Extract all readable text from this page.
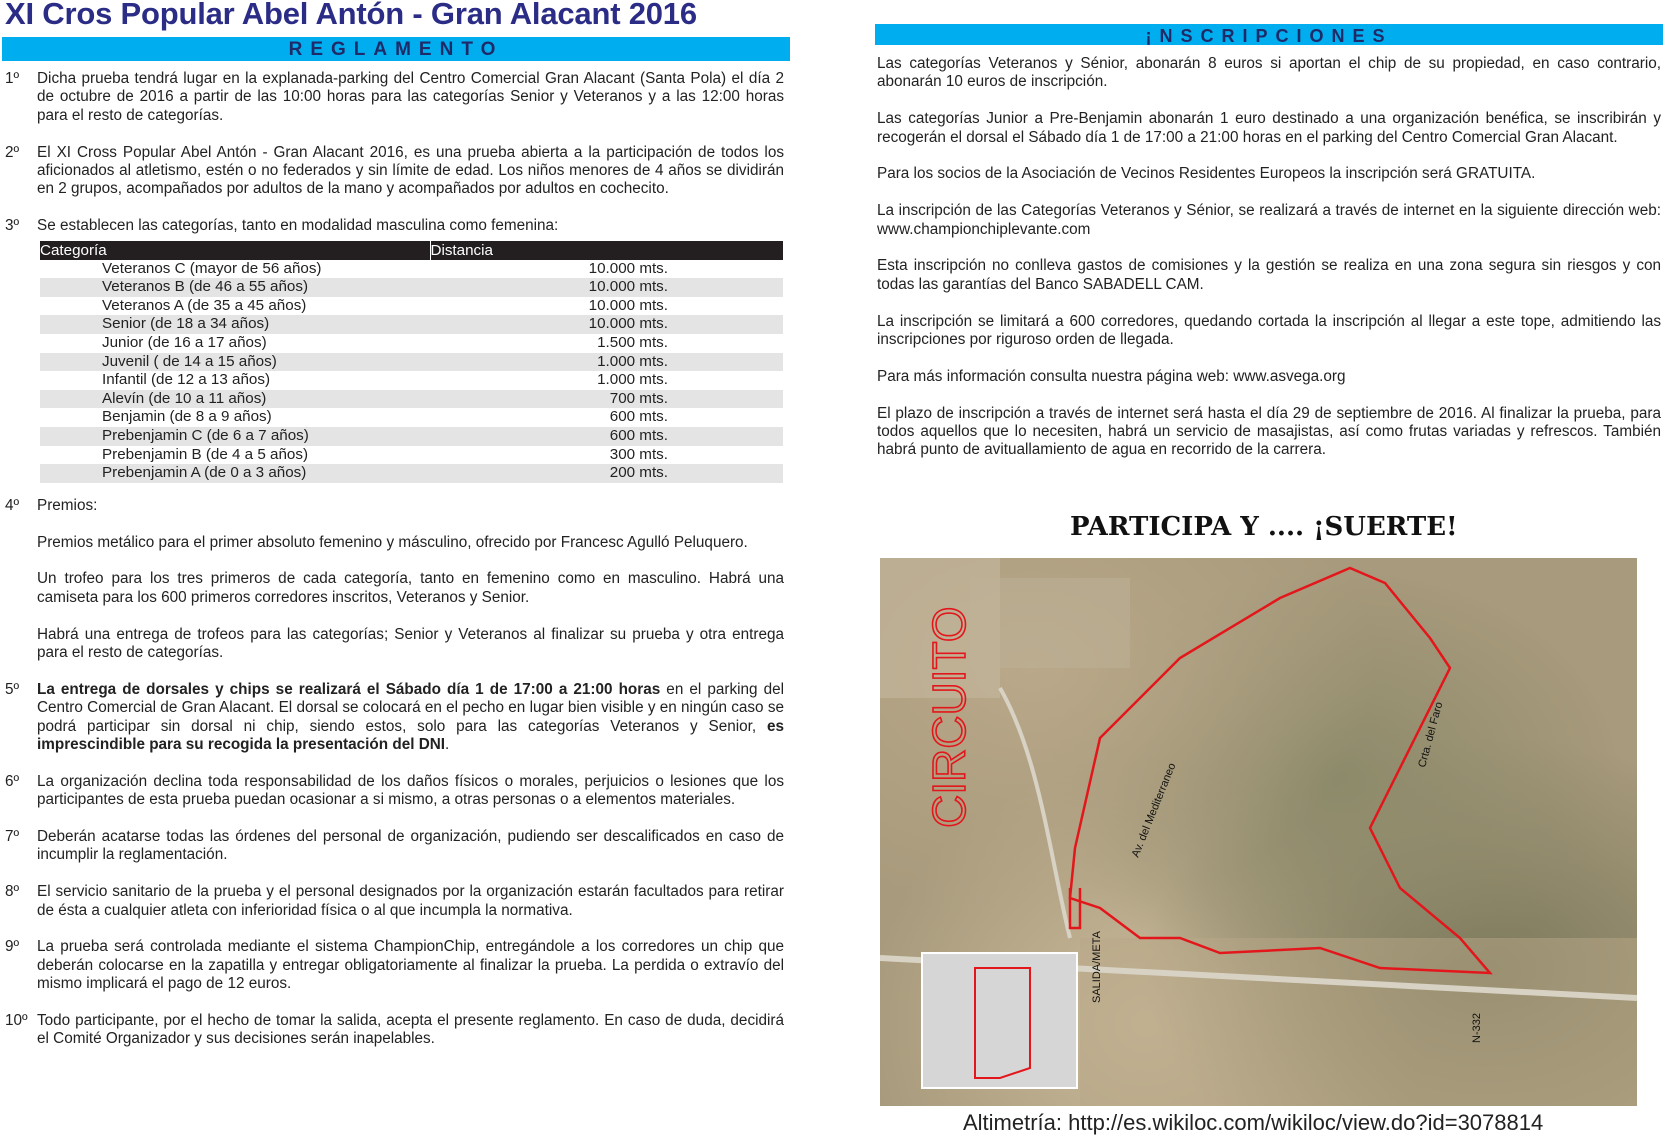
XI Cros Popular Abel Antón - Gran Alacant 2016
REGLAMENTO
1º	Dicha prueba tendrá lugar en la explanada-parking del Centro Comercial Gran Alacant (Santa Pola) el día 2 de octubre de 2016 a partir de las 10:00 horas para las categorías Senior y Veteranos y a las 12:00 horas para el resto de categorías.
2º	El XI Cross Popular Abel Antón - Gran Alacant 2016, es una prueba abierta a la participación de todos los aficionados al atletismo, estén o no federados y sin límite de edad. Los niños menores de 4 años se dividirán en 2 grupos, acompañados por adultos de la mano y acompañados por adultos en cochecito.
3º	Se establecen las categorías, tanto en modalidad masculina como femenina:
Categoría	Distancia
Veteranos C (mayor de 56 años)	10.000 mts.
Veteranos B (de 46 a 55 años)	10.000 mts.
Veteranos A (de 35 a 45 años)	10.000 mts.
Senior (de 18 a 34 años)	10.000 mts.
Junior (de 16 a 17 años)	1.500 mts.
Juvenil ( de 14 a 15 años)	1.000 mts.
Infantil (de 12 a 13 años)	1.000 mts.
Alevín (de 10 a 11 años)	700 mts.
Benjamin (de 8 a 9 años)	600 mts.
Prebenjamin C (de 6 a 7 años)	600 mts.
Prebenjamin B (de 4 a 5 años)	300 mts.
Prebenjamin A (de 0 a 3 años)	200 mts.
4º	Premios:

Premios metálico para el primer absoluto femenino y másculino, ofrecido por Francesc Agulló Peluquero.

Un trofeo para los tres primeros de cada categoría, tanto en femenino como en masculino. Habrá una camiseta para los 600 primeros corredores inscritos, Veteranos y Senior.

Habrá una entrega de trofeos para las categorías; Senior y Veteranos al finalizar su prueba y otra entrega para el resto de categorías.

5º	La entrega de dorsales y chips se realizará el Sábado día 1 de 17:00 a 21:00 horas en el parking del Centro Comercial de Gran Alacant. El dorsal se colocará en el pecho en lugar bien visible y en ningún caso se podrá participar sin dorsal ni chip, siendo estos, solo para las categorías Veteranos y Senior, es imprescindible para su recogida la presentación del DNI.
6º	La organización declina toda responsabilidad de los daños físicos o morales, perjuicios o lesiones que los participantes de esta prueba puedan ocasionar a si mismo, a otras personas o a elementos materiales.
7º	Deberán acatarse todas las órdenes del personal de organización, pudiendo ser descalificados en caso de incumplir la reglamentación.
8º	El servicio sanitario de la prueba y el personal designados por la organización estarán facultados para retirar de ésta a cualquier atleta con inferioridad física o al que incumpla la normativa.
9º	La prueba será controlada mediante el sistema ChampionChip, entregándole a los corredores un chip que deberán colocarse en la zapatilla y entregar obligatoriamente al finalizar la prueba. La perdida o extravío del mismo implicará el pago de 12 euros.
10º Todo participante, por el hecho de tomar la salida, acepta el presente reglamento. En caso de duda, decidirá el Comité Organizador y sus decisiones serán inapelables.
¡NSCRIPCIONES

Las categorías Veteranos y Sénior, abonarán 8 euros si aportan el chip de su propiedad, en caso contrario, abonarán 10 euros de inscripción.

Las categorías Junior a Pre-Benjamin abonarán 1 euro destinado a una organización benéfica, se inscribirán y recogerán el dorsal el Sábado día 1 de 17:00 a 21:00 horas en el parking del Centro Comercial Gran Alacant.

Para los socios de la Asociación de Vecinos Residentes Europeos la inscripción será GRATUITA.

La inscripción de las Categorías Veteranos y Sénior, se realizará a través de internet en la siguiente dirección web: www.championchiplevante.com

Esta inscripción no conlleva gastos de comisiones y la gestión se realiza en una zona segura sin riesgos y con todas las garantías del Banco SABADELL CAM.

La inscripción se limitará a 600 corredores, quedando cortada la inscripción al llegar a este tope, admitiendo las inscripciones por riguroso orden de llegada.

Para más información consulta nuestra página web: www.asvega.org

El plazo de inscripción a través de internet será hasta el día 29 de septiembre de 2016. Al finalizar la prueba, para todos aquellos que lo necesiten, habrá un servicio de masajistas, así como frutas variadas y refrescos. También habrá punto de avituallamiento de agua en recorrido de la carrera.

PARTICIPA Y .... ¡SUERTE!
Av. del Mediterraneo
Crta. del Faro
SALIDA/META
N-332
CIRCUITO
Altimetría: http://es.wikiloc.com/wikiloc/view.do?id=3078814
